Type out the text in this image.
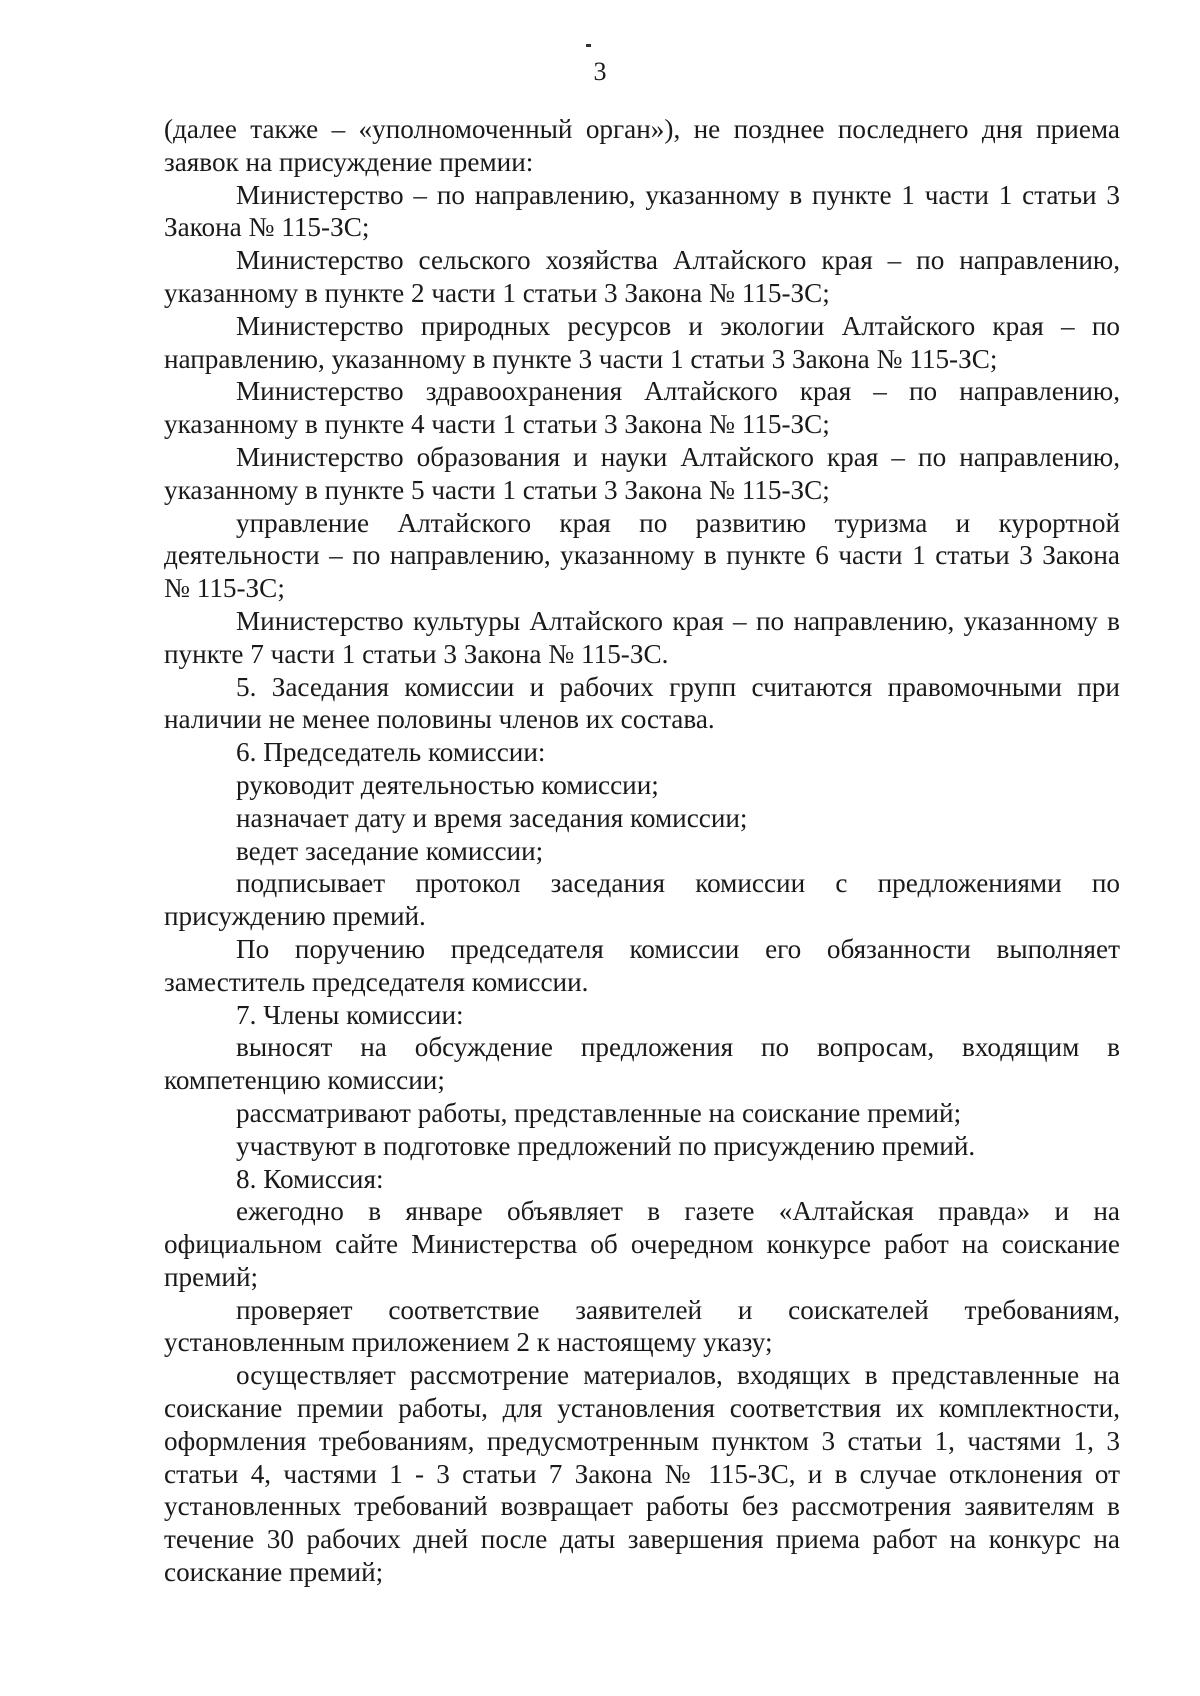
3

(далее также – «уполномоченный орган»), не позднее последнего дня приема заявок на присуждение премии:

Министерство – по направлению, указанному в пункте 1 части 1 статьи 3 Закона № 115-ЗС;

Министерство сельского хозяйства Алтайского края – по направлению, указанному в пункте 2 части 1 статьи 3 Закона № 115-ЗС;

Министерство природных ресурсов и экологии Алтайского края – по направлению, указанному в пункте 3 части 1 статьи 3 Закона № 115-ЗС;

Министерство здравоохранения Алтайского края – по направлению, указанному в пункте 4 части 1 статьи 3 Закона № 115-ЗС;

Министерство образования и науки Алтайского края – по направлению, указанному в пункте 5 части 1 статьи 3 Закона № 115-ЗС;

управление Алтайского края по развитию туризма и курортной деятельности – по направлению, указанному в пункте 6 части 1 статьи 3 Закона № 115-ЗС;

Министерство культуры Алтайского края – по направлению, указанному в пункте 7 части 1 статьи 3 Закона № 115-ЗС.

5. Заседания комиссии и рабочих групп считаются правомочными при наличии не менее половины членов их состава.

6. Председатель комиссии:

руководит деятельностью комиссии;

назначает дату и время заседания комиссии;

ведет заседание комиссии;

подписывает протокол заседания комиссии с предложениями по присуждению премий.

По поручению председателя комиссии его обязанности выполняет заместитель председателя комиссии.

7. Члены комиссии:

выносят на обсуждение предложения по вопросам, входящим в компетенцию комиссии;

рассматривают работы, представленные на соискание премий;

участвуют в подготовке предложений по присуждению премий.

8. Комиссия:

ежегодно в январе объявляет в газете «Алтайская правда» и на официальном сайте Министерства об очередном конкурсе работ на соискание премий;

проверяет соответствие заявителей и соискателей требованиям, установленным приложением 2 к настоящему указу;

осуществляет рассмотрение материалов, входящих в представленные на соискание премии работы, для установления соответствия их комплектности, оформления требованиям, предусмотренным пунктом 3 статьи 1, частями 1, 3 статьи 4, частями 1 - 3 статьи 7 Закона № 115-ЗС, и в случае отклонения от установленных требований возвращает работы без рассмотрения заявителям в течение 30 рабочих дней после даты завершения приема работ на конкурс на соискание премий;
